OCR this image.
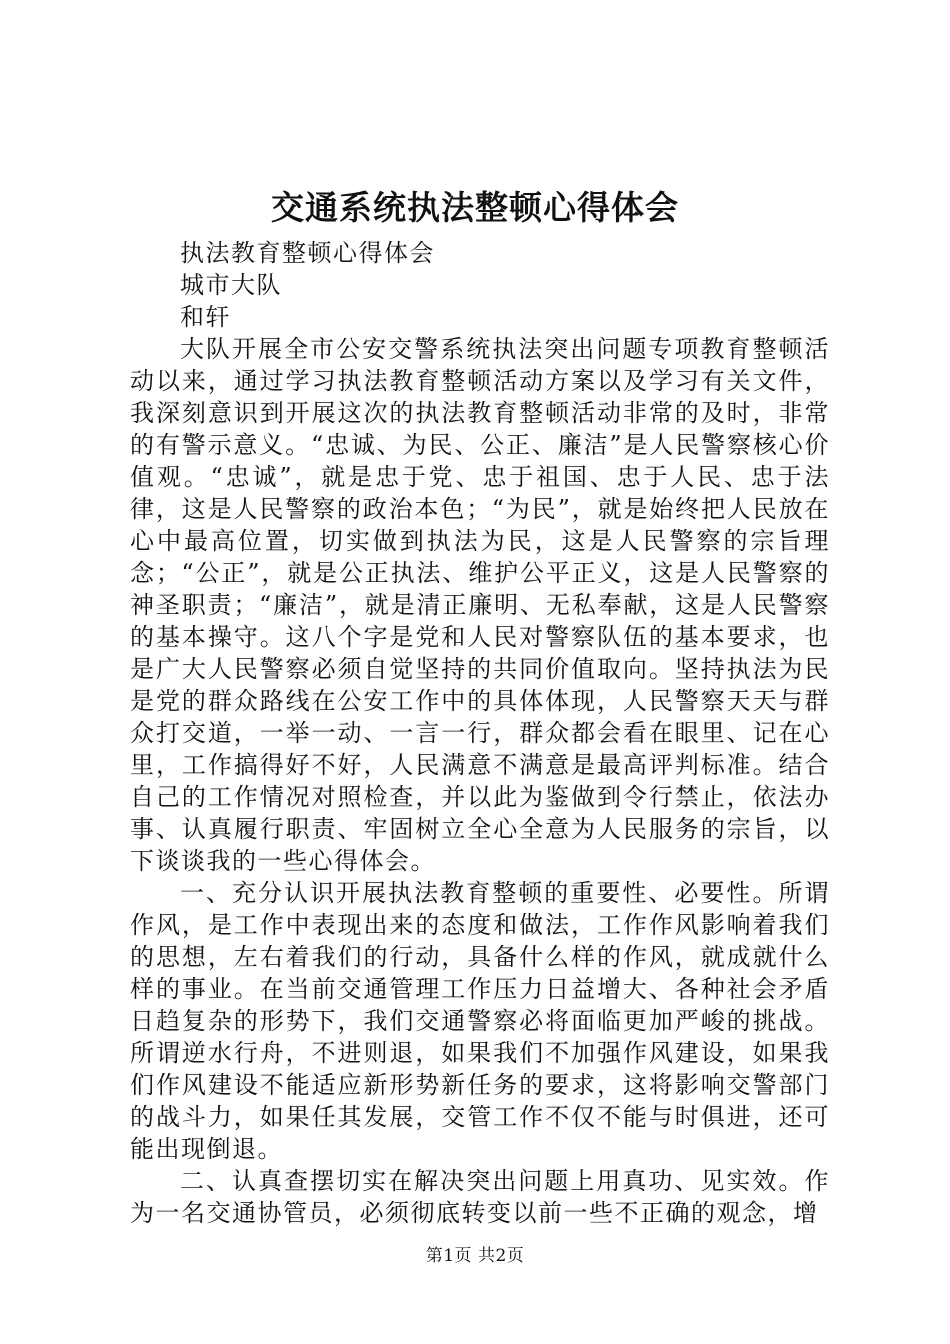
交通系统执法整顿心得体会

执法教育整顿心得体会

城市大队

和轩

大队开展全市公安交警系统执法突出问题专项教育整顿活动以来，通过学习执法教育整顿活动方案以及学习有关文件，我深刻意识到开展这次的执法教育整顿活动非常的及时，非常的有警示意义。“忠诚、为民、公正、廉洁”是人民警察核心价值观。“忠诚”，就是忠于党、忠于祖国、忠于人民、忠于法律，这是人民警察的政治本色；“为民”，就是始终把人民放在心中最高位置，切实做到执法为民，这是人民警察的宗旨理念；“公正”，就是公正执法、维护公平正义，这是人民警察的神圣职责；“廉洁”，就是清正廉明、无私奉献，这是人民警察的基本操守。这八个字是党和人民对警察队伍的基本要求，也是广大人民警察必须自觉坚持的共同价值取向。坚持执法为民是党的群众路线在公安工作中的具体体现，人民警察天天与群众打交道，一举一动、一言一行，群众都会看在眼里、记在心里，工作搞得好不好，人民满意不满意是最高评判标准。结合自己的工作情况对照检查，并以此为鉴做到令行禁止，依法办事、认真履行职责、牢固树立全心全意为人民服务的宗旨，以下谈谈我的一些心得体会。

一、充分认识开展执法教育整顿的重要性、必要性。所谓作风，是工作中表现出来的态度和做法，工作作风影响着我们的思想，左右着我们的行动，具备什么样的作风，就成就什么样的事业。在当前交通管理工作压力日益增大、各种社会矛盾日趋复杂的形势下，我们交通警察必将面临更加严峻的挑战。所谓逆水行舟，不进则退，如果我们不加强作风建设，如果我们作风建设不能适应新形势新任务的要求，这将影响交警部门的战斗力，如果任其发展，交管工作不仅不能与时俱进，还可能出现倒退。

二、认真查摆切实在解决突出问题上用真功、见实效。作为一名交通协管员，必须彻底转变以前一些不正确的观念，增

第1页 共2页
